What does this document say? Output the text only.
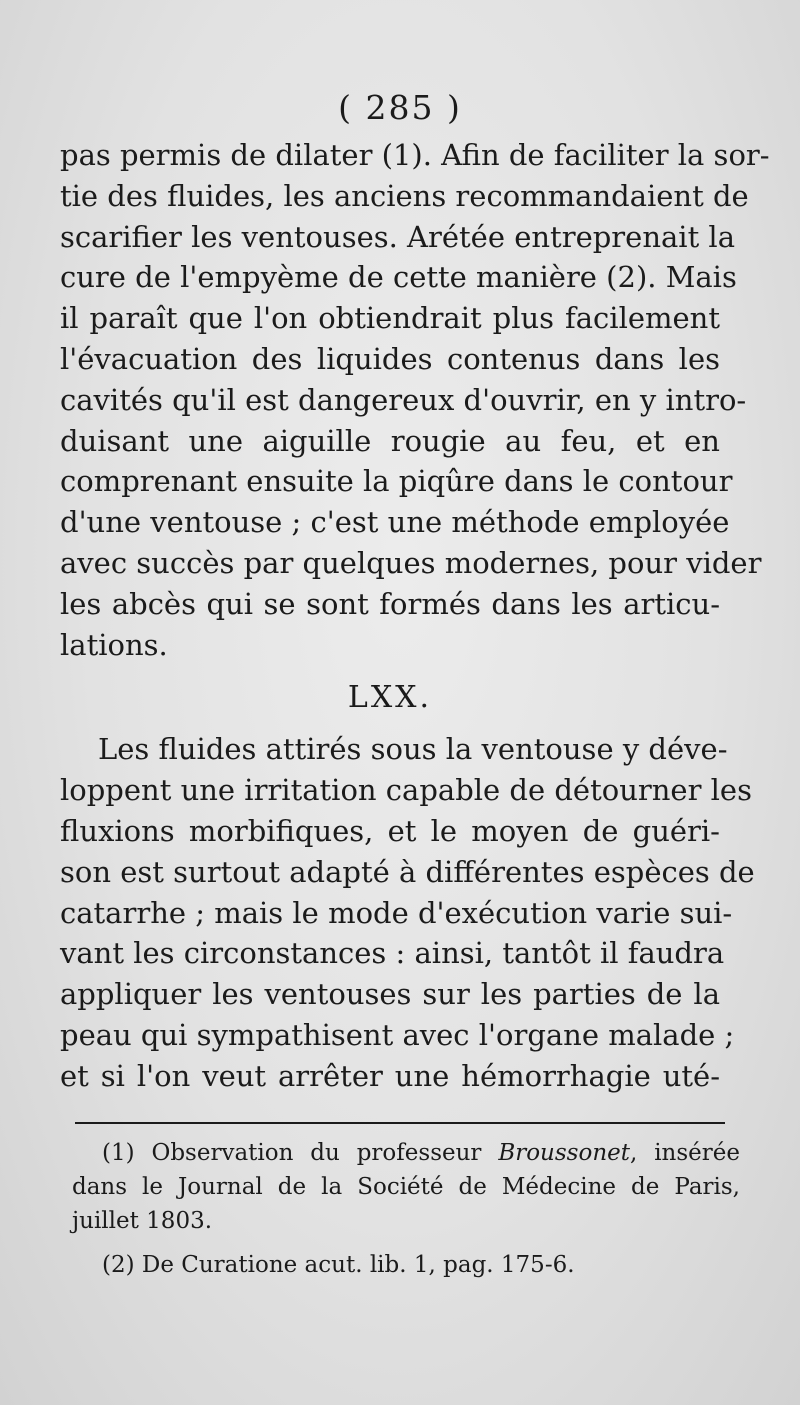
( 285 )
pas permis de dilater (1). Afin de faciliter la sor-
tie des fluides, les anciens recommandaient de
scarifier les ventouses. Arétée entreprenait la
cure de l'empyème de cette manière (2). Mais
il paraît que l'on obtiendrait plus facilement
l'évacuation des liquides contenus dans les
cavités qu'il est dangereux d'ouvrir, en y intro-
duisant une aiguille rougie au feu, et en
comprenant ensuite la piqûre dans le contour
d'une ventouse ; c'est une méthode employée
avec succès par quelques modernes, pour vider
les abcès qui se sont formés dans les articu-
lations.
LXX.
Les fluides attirés sous la ventouse y déve-
loppent une irritation capable de détourner les
fluxions morbifiques, et le moyen de guéri-
son est surtout adapté à différentes espèces de
catarrhe ; mais le mode d'exécution varie sui-
vant les circonstances : ainsi, tantôt il faudra
appliquer les ventouses sur les parties de la
peau qui sympathisent avec l'organe malade ;
et si l'on veut arrêter une hémorrhagie uté-
(1) Observation du professeur Broussonet, insérée
dans le Journal de la Société de Médecine de Paris,
juillet 1803.
(2) De Curatione acut. lib. 1, pag. 175-6.
